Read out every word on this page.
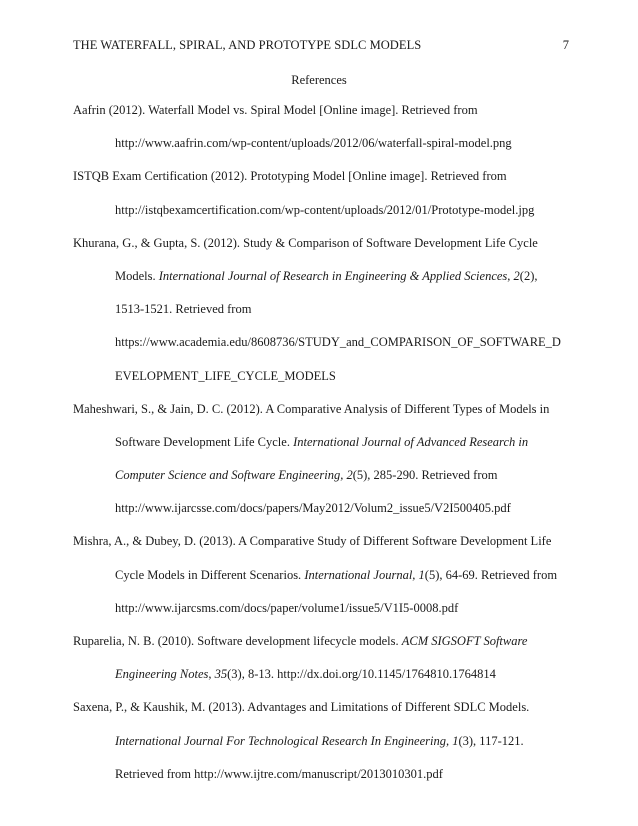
THE WATERFALL, SPIRAL, AND PROTOTYPE SDLC MODELS	7
References
Aafrin (2012). Waterfall Model vs. Spiral Model [Online image]. Retrieved from
http://www.aafrin.com/wp-content/uploads/2012/06/waterfall-spiral-model.png
ISTQB Exam Certification (2012). Prototyping Model [Online image]. Retrieved from
http://istqbexamcertification.com/wp-content/uploads/2012/01/Prototype-model.jpg
Khurana, G., & Gupta, S. (2012). Study & Comparison of Software Development Life Cycle
Models. International Journal of Research in Engineering & Applied Sciences, 2(2),
1513-1521. Retrieved from
https://www.academia.edu/8608736/STUDY_and_COMPARISON_OF_SOFTWARE_D
EVELOPMENT_LIFE_CYCLE_MODELS
Maheshwari, S., & Jain, D. C. (2012). A Comparative Analysis of Different Types of Models in
Software Development Life Cycle. International Journal of Advanced Research in
Computer Science and Software Engineering, 2(5), 285-290. Retrieved from
http://www.ijarcsse.com/docs/papers/May2012/Volum2_issue5/V2I500405.pdf
Mishra, A., & Dubey, D. (2013). A Comparative Study of Different Software Development Life
Cycle Models in Different Scenarios. International Journal, 1(5), 64-69. Retrieved from
http://www.ijarcsms.com/docs/paper/volume1/issue5/V1I5-0008.pdf
Ruparelia, N. B. (2010). Software development lifecycle models. ACM SIGSOFT Software
Engineering Notes, 35(3), 8-13. http://dx.doi.org/10.1145/1764810.1764814
Saxena, P., & Kaushik, M. (2013). Advantages and Limitations of Different SDLC Models.
International Journal For Technological Research In Engineering, 1(3), 117-121.
Retrieved from http://www.ijtre.com/manuscript/2013010301.pdf
